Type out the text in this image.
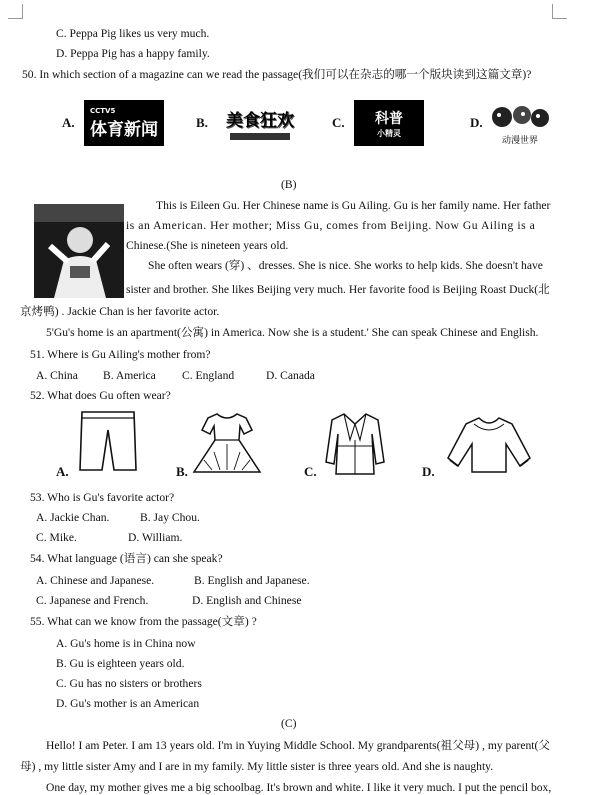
C. Peppa Pig likes us very much.
D. Peppa Pig has a happy family.
50. In which section of a magazine can we read the passage(我们可以在杂志的哪一个版块读到这篇文章)?
A.
CCTV5
体育新闻	B. 美食狂欢	C. 科普
小精灵
D.
动漫世界
(B)
This is Eileen Gu. Her Chinese name is Gu Ailing. Gu is her family name. Her father
is an American. Her mother; Miss Gu, comes from Beijing. Now Gu Ailing is a
Chinese.(She is nineteen years old.
She often wears (穿) 、dresses. She is nice. She works to help kids. She doesn't have
sister and brother. She likes Beijing very much. Her favorite food is Beijing Roast Duck(北
京烤鸭) . Jackie Chan is her favorite actor.
5'Gu's home is an apartment(公寓) in America. Now she is a student.' She can speak Chinese and English.
51. Where is Gu Ailing's mother from?
A. China B. America C. England	D. Canada
52. What does Gu often wear?
A.	B.	C.	D.
53. Who is Gu's favorite actor?
A. Jackie Chan.	B. Jay Chou.
C. Mike.	D. William.
54. What language (语言) can she speak?
A. Chinese and Japanese.	B. English and Japanese.
C. Japanese and French.	D. English and Chinese
55. What can we know from the passage(文章) ?
A. Gu's home is in China now
B. Gu is eighteen years old.
C. Gu has no sisters or brothers
D. Gu's mother is an American
(C)
Hello! I am Peter. I am 13 years old. I'm in Yuying Middle School. My grandparents(祖父母) , my parent(父
母) , my little sister Amy and I are in my family. My little sister is three years old. And she is naughty.
One day, my mother gives me a big schoolbag. It's brown and white. I like it very much. I put the pencil box,
